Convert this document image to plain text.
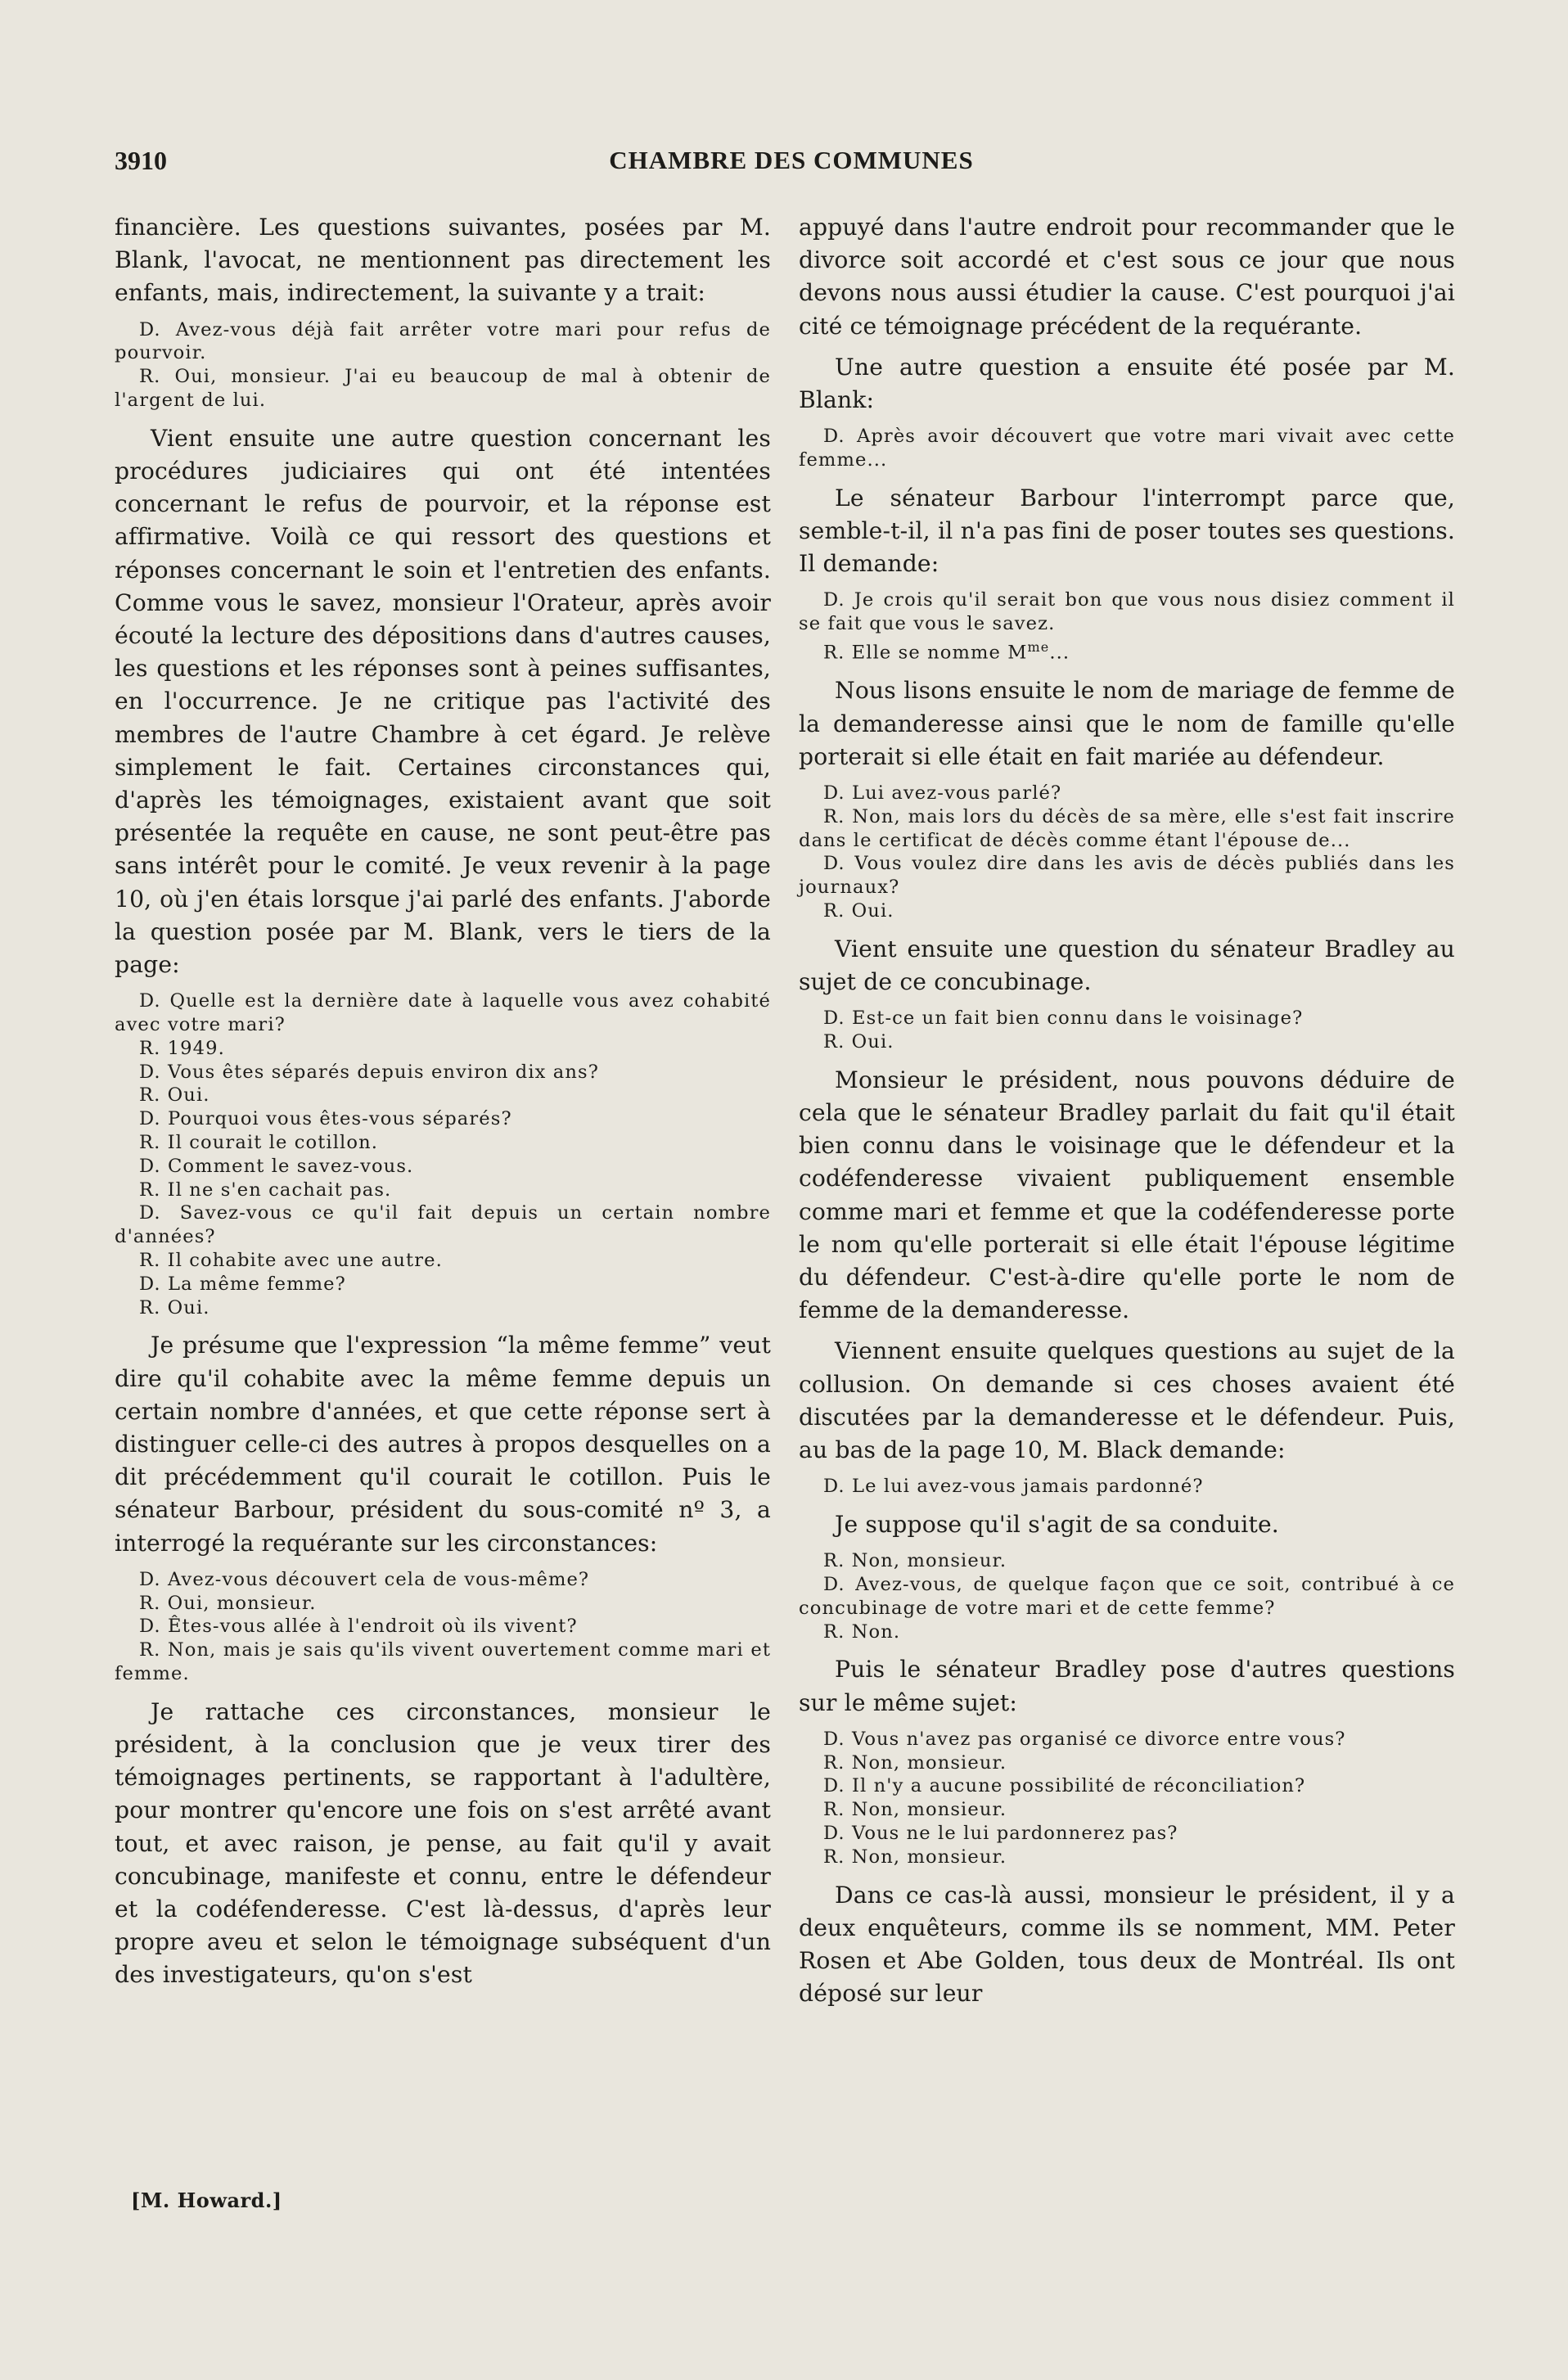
3910	CHAMBRE DES COMMUNES

financière. Les questions suivantes, posées par M. Blank, l'avocat, ne mentionnent pas directement les enfants, mais, indirectement, la suivante y a trait:

D. Avez-vous déjà fait arrêter votre mari pour refus de pourvoir.

R. Oui, monsieur. J'ai eu beaucoup de mal à obtenir de l'argent de lui.

Vient ensuite une autre question concernant les procédures judiciaires qui ont été intentées concernant le refus de pourvoir, et la réponse est affirmative. Voilà ce qui ressort des questions et réponses concernant le soin et l'entretien des enfants. Comme vous le savez, monsieur l'Orateur, après avoir écouté la lecture des dépositions dans d'autres causes, les questions et les réponses sont à peines suffisantes, en l'occurrence. Je ne critique pas l'activité des membres de l'autre Chambre à cet égard. Je relève simplement le fait. Certaines circonstances qui, d'après les témoignages, existaient avant que soit présentée la requête en cause, ne sont peut-être pas sans intérêt pour le comité. Je veux revenir à la page 10, où j'en étais lorsque j'ai parlé des enfants. J'aborde la question posée par M. Blank, vers le tiers de la page:

D. Quelle est la dernière date à laquelle vous avez cohabité avec votre mari?

R. 1949.

D. Vous êtes séparés depuis environ dix ans?

R. Oui.

D. Pourquoi vous êtes-vous séparés?

R. Il courait le cotillon.

D. Comment le savez-vous.

R. Il ne s'en cachait pas.

D. Savez-vous ce qu'il fait depuis un certain nombre d'années?

R. Il cohabite avec une autre.

D. La même femme?

R. Oui.

Je présume que l'expression “la même femme” veut dire qu'il cohabite avec la même femme depuis un certain nombre d'années, et que cette réponse sert à distinguer celle-ci des autres à propos desquelles on a dit précédemment qu'il courait le cotillon. Puis le sénateur Barbour, président du sous-comité nº 3, a interrogé la requérante sur les circonstances:

D. Avez-vous découvert cela de vous-même?

R. Oui, monsieur.

D. Êtes-vous allée à l'endroit où ils vivent?

R. Non, mais je sais qu'ils vivent ouvertement comme mari et femme.

Je rattache ces circonstances, monsieur le président, à la conclusion que je veux tirer des témoignages pertinents, se rapportant à l'adultère, pour montrer qu'encore une fois on s'est arrêté avant tout, et avec raison, je pense, au fait qu'il y avait concubinage, manifeste et connu, entre le défendeur et la codéfenderesse. C'est là-dessus, d'après leur propre aveu et selon le témoignage subséquent d'un des investigateurs, qu'on s'est

appuyé dans l'autre endroit pour recommander que le divorce soit accordé et c'est sous ce jour que nous devons nous aussi étudier la cause. C'est pourquoi j'ai cité ce témoignage précédent de la requérante.

Une autre question a ensuite été posée par M. Blank:

D. Après avoir découvert que votre mari vivait avec cette femme...

Le sénateur Barbour l'interrompt parce que, semble-t-il, il n'a pas fini de poser toutes ses questions. Il demande:

D. Je crois qu'il serait bon que vous nous disiez comment il se fait que vous le savez.

R. Elle se nomme $M^{me}$...

Nous lisons ensuite le nom de mariage de femme de la demanderesse ainsi que le nom de famille qu'elle porterait si elle était en fait mariée au défendeur.

D. Lui avez-vous parlé?

R. Non, mais lors du décès de sa mère, elle s'est fait inscrire dans le certificat de décès comme étant l'épouse de...

D. Vous voulez dire dans les avis de décès publiés dans les journaux?

R. Oui.

Vient ensuite une question du sénateur Bradley au sujet de ce concubinage.

D. Est-ce un fait bien connu dans le voisinage?

R. Oui.

Monsieur le président, nous pouvons déduire de cela que le sénateur Bradley parlait du fait qu'il était bien connu dans le voisinage que le défendeur et la codéfenderesse vivaient publiquement ensemble comme mari et femme et que la codéfenderesse porte le nom qu'elle porterait si elle était l'épouse légitime du défendeur. C'est-à-dire qu'elle porte le nom de femme de la demanderesse.

Viennent ensuite quelques questions au sujet de la collusion. On demande si ces choses avaient été discutées par la demanderesse et le défendeur. Puis, au bas de la page 10, M. Black demande:

D. Le lui avez-vous jamais pardonné?

Je suppose qu'il s'agit de sa conduite.

R. Non, monsieur.

D. Avez-vous, de quelque façon que ce soit, contribué à ce concubinage de votre mari et de cette femme?

R. Non.

Puis le sénateur Bradley pose d'autres questions sur le même sujet:

D. Vous n'avez pas organisé ce divorce entre vous?

R. Non, monsieur.

D. Il n'y a aucune possibilité de réconciliation?

R. Non, monsieur.

D. Vous ne le lui pardonnerez pas?

R. Non, monsieur.

Dans ce cas-là aussi, monsieur le président, il y a deux enquêteurs, comme ils se nomment, MM. Peter Rosen et Abe Golden, tous deux de Montréal. Ils ont déposé sur leur

[M. Howard.]
